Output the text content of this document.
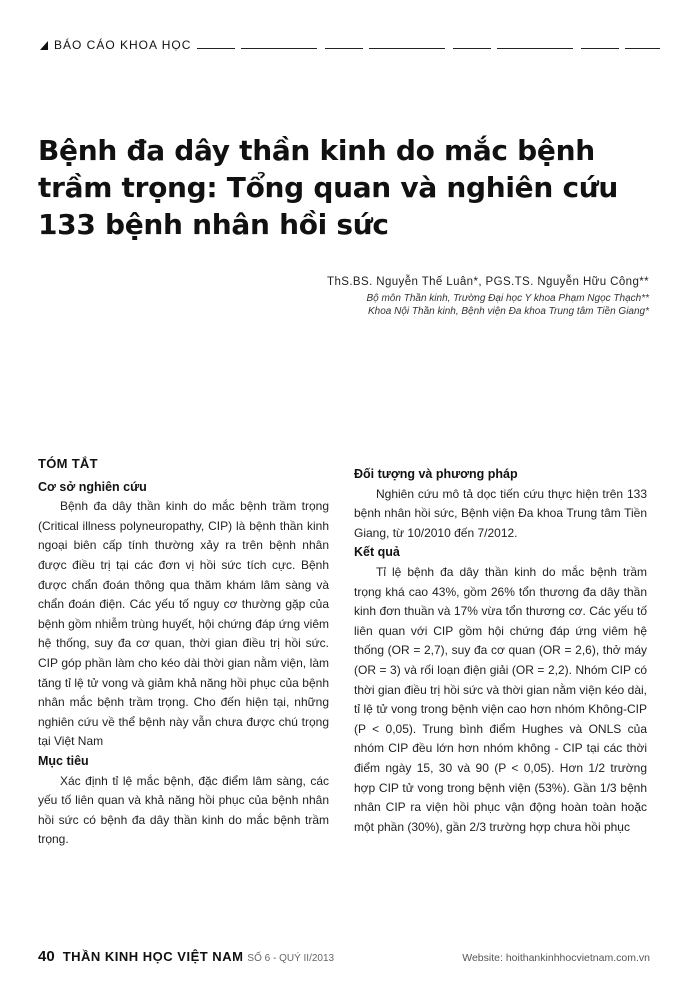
BÁO CÁO KHOA HỌC
Bệnh đa dây thần kinh do mắc bệnh trầm trọng: Tổng quan và nghiên cứu 133 bệnh nhân hồi sức
ThS.BS. Nguyễn Thế Luân*, PGS.TS. Nguyễn Hữu Công**
Bộ môn Thần kinh, Trường Đại học Y khoa Phạm Ngọc Thạch**
Khoa Nội Thần kinh, Bệnh viện Đa khoa Trung tâm Tiền Giang*
TÓM TẮT
Cơ sở nghiên cứu

Bệnh đa dây thần kinh do mắc bệnh trầm trọng (Critical illness polyneuropathy, CIP) là bệnh thần kinh ngoại biên cấp tính thường xảy ra trên bệnh nhân được điều trị tại các đơn vị hồi sức tích cực. Bệnh được chẩn đoán thông qua thăm khám lâm sàng và chẩn đoán điện. Các yếu tố nguy cơ thường gặp của bệnh gồm nhiễm trùng huyết, hội chứng đáp ứng viêm hệ thống, suy đa cơ quan, thời gian điều trị hồi sức. CIP góp phần làm cho kéo dài thời gian nằm viện, làm tăng tỉ lệ tử vong và giảm khả năng hồi phục của bệnh nhân mắc bệnh trầm trọng. Cho đến hiện tại, những nghiên cứu về thể bệnh này vẫn chưa được chú trọng tại Việt Nam

Mục tiêu

Xác định tỉ lệ mắc bệnh, đặc điểm lâm sàng, các yếu tố liên quan và khả năng hồi phục của bệnh nhân hồi sức có bệnh đa dây thần kinh do mắc bệnh trầm trọng.

Đối tượng và phương pháp

Nghiên cứu mô tả dọc tiến cứu thực hiện trên 133 bệnh nhân hồi sức, Bệnh viện Đa khoa Trung tâm Tiền Giang, từ 10/2010 đến 7/2012.

Kết quả

Tỉ lệ bệnh đa dây thần kinh do mắc bệnh trầm trọng khá cao 43%, gồm 26% tổn thương đa dây thần kinh đơn thuần và 17% vừa tổn thương cơ. Các yếu tố liên quan với CIP gồm hội chứng đáp ứng viêm hệ thống (OR = 2,7), suy đa cơ quan (OR = 2,6), thở máy (OR = 3) và rối loạn điện giải (OR = 2,2). Nhóm CIP có thời gian điều trị hồi sức và thời gian nằm viện kéo dài, tỉ lệ tử vong trong bệnh viện cao hơn nhóm Không-CIP (P < 0,05). Trung bình điểm Hughes và ONLS của nhóm CIP đều lớn hơn nhóm không - CIP tại các thời điểm ngày 15, 30 và 90 (P < 0,05). Hơn 1/2 trường hợp CIP tử vong trong bệnh viện (53%). Gần 1/3 bệnh nhân CIP ra viện hồi phục vận động hoàn toàn hoặc một phần (30%), gần 2/3 trường hợp chưa hồi phục

40 THẦN KINH HỌC VIỆT NAM SỐ 6 - QUÝ II/2013	Website: hoithankinhhocvietnam.com.vn
